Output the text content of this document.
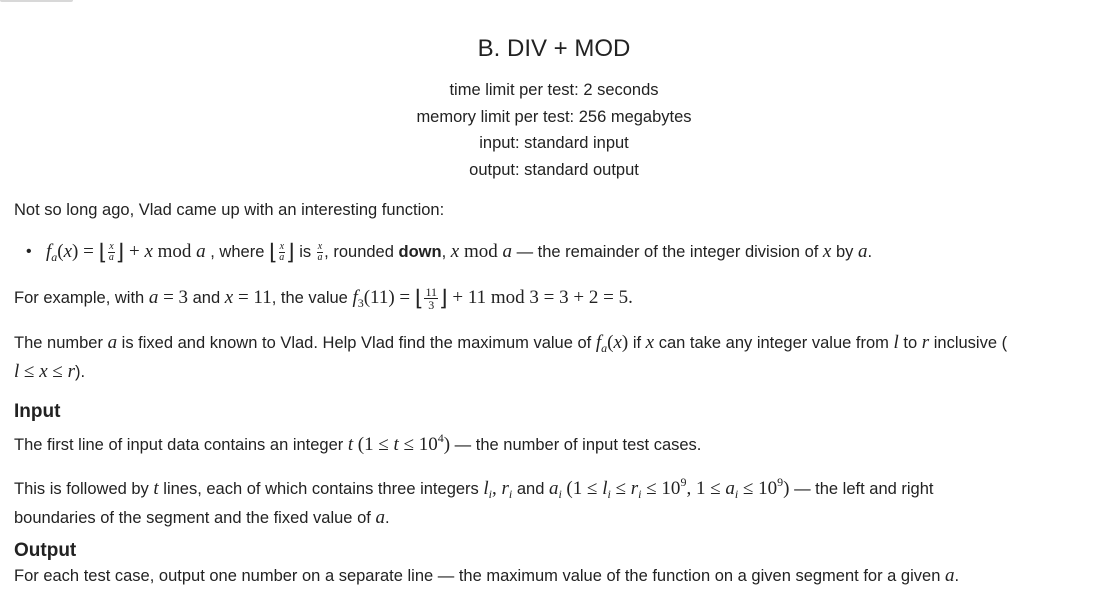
B. DIV + MOD
time limit per test: 2 seconds
memory limit per test: 256 megabytes
input: standard input
output: standard output
Not so long ago, Vlad came up with an interesting function:
• $f_a(x)$ = ⌊ $\frac{x}{a}$ ⌋ + x mod a , where ⌊ $\frac{x}{a}$ ⌋ is $\frac{x}{a}$ , rounded down, x mod a — the remainder of the integer division of x by a.
For example, with a = 3 and x = 11, the value $f_3(11)$ = ⌊ $\frac{11}{3}$ ⌋ + 11 mod 3 = 3 + 2 = 5.
The number a is fixed and known to Vlad. Help Vlad find the maximum value of $f_a(x)$ if x can take any integer value from l to r inclusive (
l ≤ x ≤ r).
Input
The first line of input data contains an integer t $(1 \le t \le 10^4)$ — the number of input test cases.
This is followed by t lines, each of which contains three integers $l_i$, $r_i$ and $a_i$ ($1 \le l_i \le r_i \le 10^9$, $1 \le a_i \le 10^9$) — the left and right
boundaries of the segment and the fixed value of a.
Output
For each test case, output one number on a separate line — the maximum value of the function on a given segment for a given a.
